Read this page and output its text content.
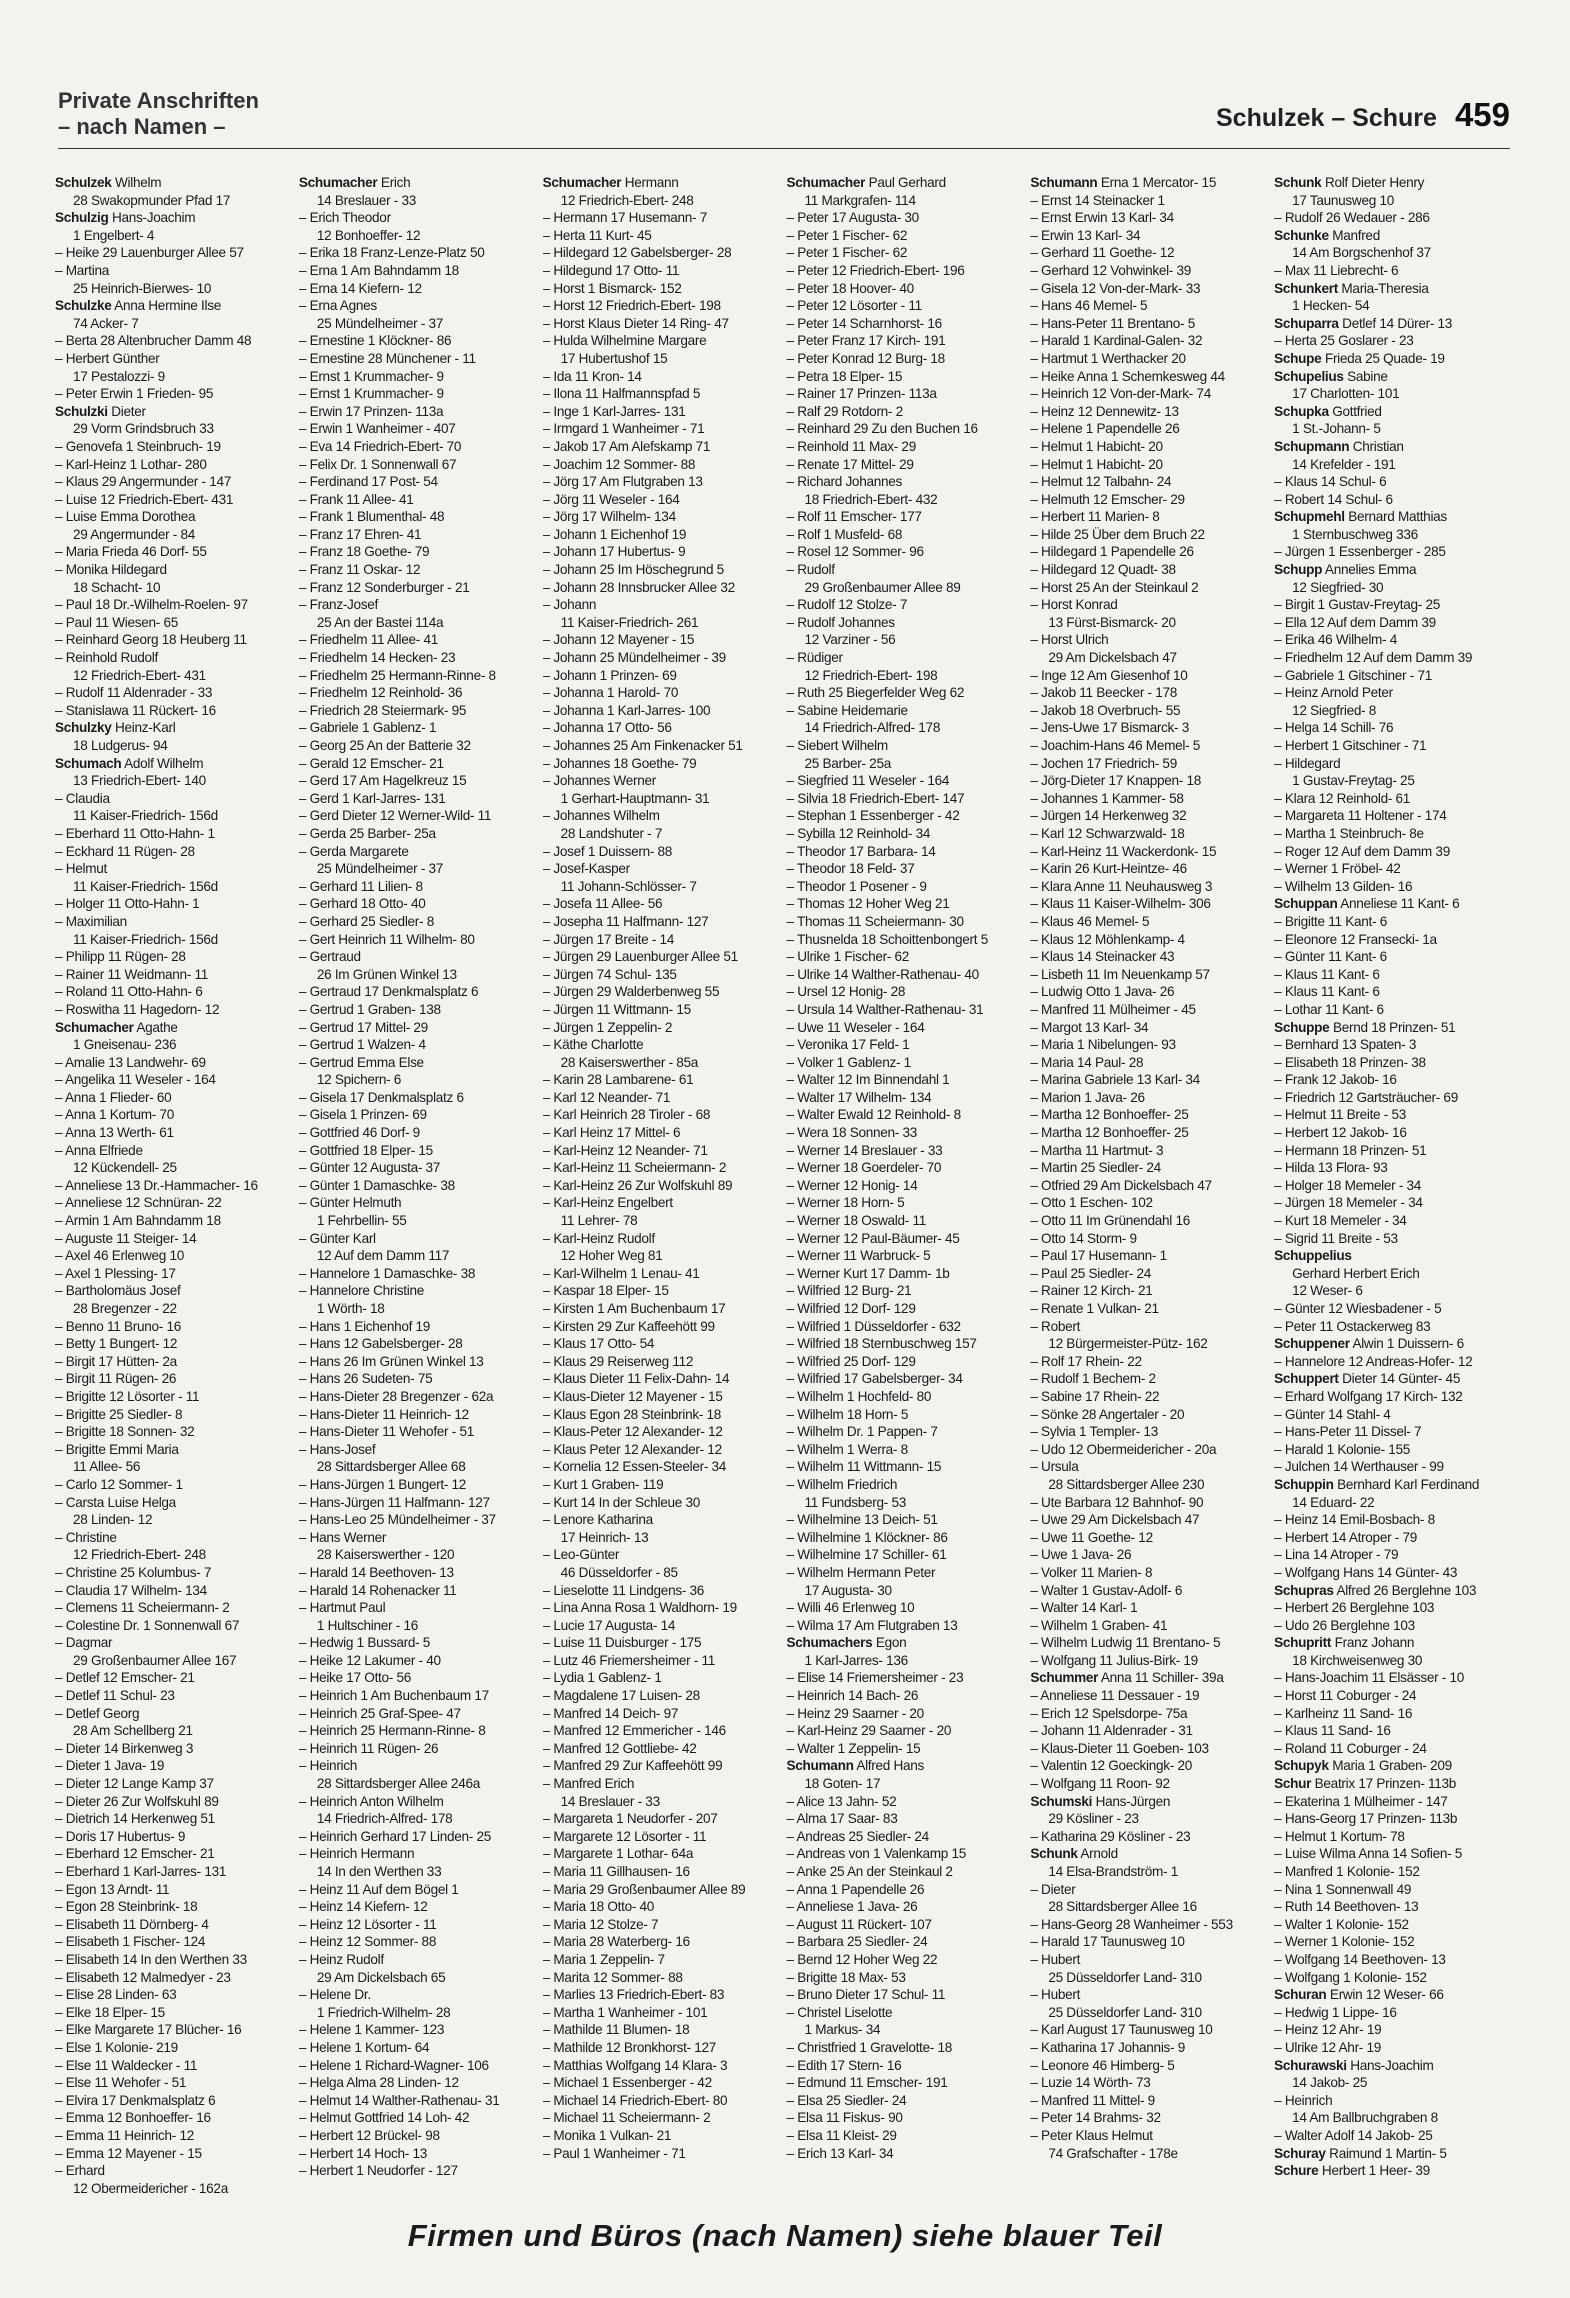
Private Anschriften
– nach Namen –	Schulzek – Schure 459
Schulzek Wilhelm
28 Swakopmunder Pfad 17
Schulzig Hans-Joachim
1 Engelbert- 4
– Heike 29 Lauenburger Allee 57
– Martina
25 Heinrich-Bierwes- 10
Schulzke Anna Hermine Ilse
74 Acker- 7
– Berta 28 Altenbrucher Damm 48
– Herbert Günther
17 Pestalozzi- 9
– Peter Erwin 1 Frieden- 95
Schulzki Dieter
29 Vorm Grindsbruch 33
– Genovefa 1 Steinbruch- 19
– Karl-Heinz 1 Lothar- 280
– Klaus 29 Angermunder - 147
– Luise 12 Friedrich-Ebert- 431
– Luise Emma Dorothea
29 Angermunder - 84
– Maria Frieda 46 Dorf- 55
– Monika Hildegard
18 Schacht- 10
– Paul 18 Dr.-Wilhelm-Roelen- 97
– Paul 11 Wiesen- 65
– Reinhard Georg 18 Heuberg 11
– Reinhold Rudolf
12 Friedrich-Ebert- 431
– Rudolf 11 Aldenrader - 33
– Stanislawa 11 Rückert- 16
Schulzky Heinz-Karl
18 Ludgerus- 94
Schumach Adolf Wilhelm
13 Friedrich-Ebert- 140
– Claudia
11 Kaiser-Friedrich- 156d
– Eberhard 11 Otto-Hahn- 1
– Eckhard 11 Rügen- 28
– Helmut
11 Kaiser-Friedrich- 156d
– Holger 11 Otto-Hahn- 1
– Maximilian
11 Kaiser-Friedrich- 156d
– Philipp 11 Rügen- 28
– Rainer 11 Weidmann- 11
– Roland 11 Otto-Hahn- 6
– Roswitha 11 Hagedorn- 12
Schumacher Agathe
1 Gneisenau- 236
– Amalie 13 Landwehr- 69
– Angelika 11 Weseler - 164
– Anna 1 Flieder- 60
– Anna 1 Kortum- 70
– Anna 13 Werth- 61
– Anna Elfriede
12 Kückendell- 25
– Anneliese 13 Dr.-Hammacher- 16
– Anneliese 12 Schnüran- 22
– Armin 1 Am Bahndamm 18
– Auguste 11 Steiger- 14
– Axel 46 Erlenweg 10
– Axel 1 Plessing- 17
– Bartholomäus Josef
28 Bregenzer - 22
– Benno 11 Bruno- 16
– Betty 1 Bungert- 12
– Birgit 17 Hütten- 2a
– Birgit 11 Rügen- 26
– Brigitte 12 Lösorter - 11
– Brigitte 25 Siedler- 8
– Brigitte 18 Sonnen- 32
– Brigitte Emmi Maria
11 Allee- 56
– Carlo 12 Sommer- 1
– Carsta Luise Helga
28 Linden- 12
– Christine
12 Friedrich-Ebert- 248
– Christine 25 Kolumbus- 7
– Claudia 17 Wilhelm- 134
– Clemens 11 Scheiermann- 2
– Colestine Dr. 1 Sonnenwall 67
– Dagmar
29 Großenbaumer Allee 167
– Detlef 12 Emscher- 21
– Detlef 11 Schul- 23
– Detlef Georg
28 Am Schellberg 21
– Dieter 14 Birkenweg 3
– Dieter 1 Java- 19
– Dieter 12 Lange Kamp 37
– Dieter 26 Zur Wolfskuhl 89
– Dietrich 14 Herkenweg 51
– Doris 17 Hubertus- 9
– Eberhard 12 Emscher- 21
– Eberhard 1 Karl-Jarres- 131
– Egon 13 Arndt- 11
– Egon 28 Steinbrink- 18
– Elisabeth 11 Dörnberg- 4
– Elisabeth 1 Fischer- 124
– Elisabeth 14 In den Werthen 33
– Elisabeth 12 Malmedyer - 23
– Elise 28 Linden- 63
– Elke 18 Elper- 15
– Elke Margarete 17 Blücher- 16
– Else 1 Kolonie- 219
– Else 11 Waldecker - 11
– Else 11 Wehofer - 51
– Elvira 17 Denkmalsplatz 6
– Emma 12 Bonhoeffer- 16
– Emma 11 Heinrich- 12
– Emma 12 Mayener - 15
– Erhard
12 Obermeidericher - 162a
Schumacher Erich
14 Breslauer - 33
– Erich Theodor
12 Bonhoeffer- 12
– Erika 18 Franz-Lenze-Platz 50
– Erna 1 Am Bahndamm 18
– Erna 14 Kiefern- 12
– Erna Agnes
25 Mündelheimer - 37
– Ernestine 1 Klöckner- 86
– Ernestine 28 Münchener - 11
– Ernst 1 Krummacher- 9
– Ernst 1 Krummacher- 9
– Erwin 17 Prinzen- 113a
– Erwin 1 Wanheimer - 407
– Eva 14 Friedrich-Ebert- 70
– Felix Dr. 1 Sonnenwall 67
– Ferdinand 17 Post- 54
– Frank 11 Allee- 41
– Frank 1 Blumenthal- 48
– Franz 17 Ehren- 41
– Franz 18 Goethe- 79
– Franz 11 Oskar- 12
– Franz 12 Sonderburger - 21
– Franz-Josef
25 An der Bastei 114a
– Friedhelm 11 Allee- 41
– Friedhelm 14 Hecken- 23
– Friedhelm 25 Hermann-Rinne- 8
– Friedhelm 12 Reinhold- 36
– Friedrich 28 Steiermark- 95
– Gabriele 1 Gablenz- 1
– Georg 25 An der Batterie 32
– Gerald 12 Emscher- 21
– Gerd 17 Am Hagelkreuz 15
– Gerd 1 Karl-Jarres- 131
– Gerd Dieter 12 Werner-Wild- 11
– Gerda 25 Barber- 25a
– Gerda Margarete
25 Mündelheimer - 37
– Gerhard 11 Lilien- 8
– Gerhard 18 Otto- 40
– Gerhard 25 Siedler- 8
– Gert Heinrich 11 Wilhelm- 80
– Gertraud
26 Im Grünen Winkel 13
– Gertraud 17 Denkmalsplatz 6
– Gertrud 1 Graben- 138
– Gertrud 17 Mittel- 29
– Gertrud 1 Walzen- 4
– Gertrud Emma Else
12 Spichern- 6
– Gisela 17 Denkmalsplatz 6
– Gisela 1 Prinzen- 69
– Gottfried 46 Dorf- 9
– Gottfried 18 Elper- 15
– Günter 12 Augusta- 37
– Günter 1 Damaschke- 38
– Günter Helmuth
1 Fehrbellin- 55
– Günter Karl
12 Auf dem Damm 117
– Hannelore 1 Damaschke- 38
– Hannelore Christine
1 Wörth- 18
– Hans 1 Eichenhof 19
– Hans 12 Gabelsberger- 28
– Hans 26 Im Grünen Winkel 13
– Hans 26 Sudeten- 75
– Hans-Dieter 28 Bregenzer - 62a
– Hans-Dieter 11 Heinrich- 12
– Hans-Dieter 11 Wehofer - 51
– Hans-Josef
28 Sittardsberger Allee 68
– Hans-Jürgen 1 Bungert- 12
– Hans-Jürgen 11 Halfmann- 127
– Hans-Leo 25 Mündelheimer - 37
– Hans Werner
28 Kaiserswerther - 120
– Harald 14 Beethoven- 13
– Harald 14 Rohenacker 11
– Hartmut Paul
1 Hultschiner - 16
– Hedwig 1 Bussard- 5
– Heike 12 Lakumer - 40
– Heike 17 Otto- 56
– Heinrich 1 Am Buchenbaum 17
– Heinrich 25 Graf-Spee- 47
– Heinrich 25 Hermann-Rinne- 8
– Heinrich 11 Rügen- 26
– Heinrich
28 Sittardsberger Allee 246a
– Heinrich Anton Wilhelm
14 Friedrich-Alfred- 178
– Heinrich Gerhard 17 Linden- 25
– Heinrich Hermann
14 In den Werthen 33
– Heinz 11 Auf dem Bögel 1
– Heinz 14 Kiefern- 12
– Heinz 12 Lösorter - 11
– Heinz 12 Sommer- 88
– Heinz Rudolf
29 Am Dickelsbach 65
– Helene Dr.
1 Friedrich-Wilhelm- 28
– Helene 1 Kammer- 123
– Helene 1 Kortum- 64
– Helene 1 Richard-Wagner- 106
– Helga Alma 28 Linden- 12
– Helmut 14 Walther-Rathenau- 31
– Helmut Gottfried 14 Loh- 42
– Herbert 12 Brückel- 98
– Herbert 14 Hoch- 13
– Herbert 1 Neudorfer - 127
Schumacher Hermann
12 Friedrich-Ebert- 248
– Hermann 17 Husemann- 7
– Herta 11 Kurt- 45
– Hildegard 12 Gabelsberger- 28
– Hildegund 17 Otto- 11
– Horst 1 Bismarck- 152
– Horst 12 Friedrich-Ebert- 198
– Horst Klaus Dieter 14 Ring- 47
– Hulda Wilhelmine Margare
17 Hubertushof 15
– Ida 11 Kron- 14
– Ilona 11 Halfmannspfad 5
– Inge 1 Karl-Jarres- 131
– Irmgard 1 Wanheimer - 71
– Jakob 17 Am Alefskamp 71
– Joachim 12 Sommer- 88
– Jörg 17 Am Flutgraben 13
– Jörg 11 Weseler - 164
– Jörg 17 Wilhelm- 134
– Johann 1 Eichenhof 19
– Johann 17 Hubertus- 9
– Johann 25 Im Höschegrund 5
– Johann 28 Innsbrucker Allee 32
– Johann
11 Kaiser-Friedrich- 261
– Johann 12 Mayener - 15
– Johann 25 Mündelheimer - 39
– Johann 1 Prinzen- 69
– Johanna 1 Harold- 70
– Johanna 1 Karl-Jarres- 100
– Johanna 17 Otto- 56
– Johannes 25 Am Finkenacker 51
– Johannes 18 Goethe- 79
– Johannes Werner
1 Gerhart-Hauptmann- 31
– Johannes Wilhelm
28 Landshuter - 7
– Josef 1 Duissern- 88
– Josef-Kasper
11 Johann-Schlösser- 7
– Josefa 11 Allee- 56
– Josepha 11 Halfmann- 127
– Jürgen 17 Breite - 14
– Jürgen 29 Lauenburger Allee 51
– Jürgen 74 Schul- 135
– Jürgen 29 Walderbenweg 55
– Jürgen 11 Wittmann- 15
– Jürgen 1 Zeppelin- 2
– Käthe Charlotte
28 Kaiserswerther - 85a
– Karin 28 Lambarene- 61
– Karl 12 Neander- 71
– Karl Heinrich 28 Tiroler - 68
– Karl Heinz 17 Mittel- 6
– Karl-Heinz 12 Neander- 71
– Karl-Heinz 11 Scheiermann- 2
– Karl-Heinz 26 Zur Wolfskuhl 89
– Karl-Heinz Engelbert
11 Lehrer- 78
– Karl-Heinz Rudolf
12 Hoher Weg 81
– Karl-Wilhelm 1 Lenau- 41
– Kaspar 18 Elper- 15
– Kirsten 1 Am Buchenbaum 17
– Kirsten 29 Zur Kaffeehött 99
– Klaus 17 Otto- 54
– Klaus 29 Reiserweg 112
– Klaus Dieter 11 Felix-Dahn- 14
– Klaus-Dieter 12 Mayener - 15
– Klaus Egon 28 Steinbrink- 18
– Klaus-Peter 12 Alexander- 12
– Klaus Peter 12 Alexander- 12
– Kornelia 12 Essen-Steeler- 34
– Kurt 1 Graben- 119
– Kurt 14 In der Schleue 30
– Lenore Katharina
17 Heinrich- 13
– Leo-Günter
46 Düsseldorfer - 85
– Lieselotte 11 Lindgens- 36
– Lina Anna Rosa 1 Waldhorn- 19
– Lucie 17 Augusta- 14
– Luise 11 Duisburger - 175
– Lutz 46 Friemersheimer - 11
– Lydia 1 Gablenz- 1
– Magdalene 17 Luisen- 28
– Manfred 14 Deich- 97
– Manfred 12 Emmericher - 146
– Manfred 12 Gottliebe- 42
– Manfred 29 Zur Kaffeehött 99
– Manfred Erich
14 Breslauer - 33
– Margareta 1 Neudorfer - 207
– Margarete 12 Lösorter - 11
– Margarete 1 Lothar- 64a
– Maria 11 Gillhausen- 16
– Maria 29 Großenbaumer Allee 89
– Maria 18 Otto- 40
– Maria 12 Stolze- 7
– Maria 28 Waterberg- 16
– Maria 1 Zeppelin- 7
– Marita 12 Sommer- 88
– Marlies 13 Friedrich-Ebert- 83
– Martha 1 Wanheimer - 101
– Mathilde 11 Blumen- 18
– Mathilde 12 Bronkhorst- 127
– Matthias Wolfgang 14 Klara- 3
– Michael 1 Essenberger - 42
– Michael 14 Friedrich-Ebert- 80
– Michael 11 Scheiermann- 2
– Monika 1 Vulkan- 21
– Paul 1 Wanheimer - 71
Schumacher Paul Gerhard
11 Markgrafen- 114
– Peter 17 Augusta- 30
– Peter 1 Fischer- 62
– Peter 1 Fischer- 62
– Peter 12 Friedrich-Ebert- 196
– Peter 18 Hoover- 40
– Peter 12 Lösorter - 11
– Peter 14 Scharnhorst- 16
– Peter Franz 17 Kirch- 191
– Peter Konrad 12 Burg- 18
– Petra 18 Elper- 15
– Rainer 17 Prinzen- 113a
– Ralf 29 Rotdorn- 2
– Reinhard 29 Zu den Buchen 16
– Reinhold 11 Max- 29
– Renate 17 Mittel- 29
– Richard Johannes
18 Friedrich-Ebert- 432
– Rolf 11 Emscher- 177
– Rolf 1 Musfeld- 68
– Rosel 12 Sommer- 96
– Rudolf
29 Großenbaumer Allee 89
– Rudolf 12 Stolze- 7
– Rudolf Johannes
12 Varziner - 56
– Rüdiger
12 Friedrich-Ebert- 198
– Ruth 25 Biegerfelder Weg 62
– Sabine Heidemarie
14 Friedrich-Alfred- 178
– Siebert Wilhelm
25 Barber- 25a
– Siegfried 11 Weseler - 164
– Silvia 18 Friedrich-Ebert- 147
– Stephan 1 Essenberger - 42
– Sybilla 12 Reinhold- 34
– Theodor 17 Barbara- 14
– Theodor 18 Feld- 37
– Theodor 1 Posener - 9
– Thomas 12 Hoher Weg 21
– Thomas 11 Scheiermann- 30
– Thusnelda 18 Schoittenbongert 5
– Ulrike 1 Fischer- 62
– Ulrike 14 Walther-Rathenau- 40
– Ursel 12 Honig- 28
– Ursula 14 Walther-Rathenau- 31
– Uwe 11 Weseler - 164
– Veronika 17 Feld- 1
– Volker 1 Gablenz- 1
– Walter 12 Im Binnendahl 1
– Walter 17 Wilhelm- 134
– Walter Ewald 12 Reinhold- 8
– Wera 18 Sonnen- 33
– Werner 14 Breslauer - 33
– Werner 18 Goerdeler- 70
– Werner 12 Honig- 14
– Werner 18 Horn- 5
– Werner 18 Oswald- 11
– Werner 12 Paul-Bäumer- 45
– Werner 11 Warbruck- 5
– Werner Kurt 17 Damm- 1b
– Wilfried 12 Burg- 21
– Wilfried 12 Dorf- 129
– Wilfried 1 Düsseldorfer - 632
– Wilfried 18 Sternbuschweg 157
– Wilfried 25 Dorf- 129
– Wilfried 17 Gabelsberger- 34
– Wilhelm 1 Hochfeld- 80
– Wilhelm 18 Horn- 5
– Wilhelm Dr. 1 Pappen- 7
– Wilhelm 1 Werra- 8
– Wilhelm 11 Wittmann- 15
– Wilhelm Friedrich
11 Fundsberg- 53
– Wilhelmine 13 Deich- 51
– Wilhelmine 1 Klöckner- 86
– Wilhelmine 17 Schiller- 61
– Wilhelm Hermann Peter
17 Augusta- 30
– Willi 46 Erlenweg 10
– Wilma 17 Am Flutgraben 13
Schumachers Egon
1 Karl-Jarres- 136
– Elise 14 Friemersheimer - 23
– Heinrich 14 Bach- 26
– Heinz 29 Saarner - 20
– Karl-Heinz 29 Saarner - 20
– Walter 1 Zeppelin- 15
Schumann Alfred Hans
18 Goten- 17
– Alice 13 Jahn- 52
– Alma 17 Saar- 83
– Andreas 25 Siedler- 24
– Andreas von 1 Valenkamp 15
– Anke 25 An der Steinkaul 2
– Anna 1 Papendelle 26
– Anneliese 1 Java- 26
– August 11 Rückert- 107
– Barbara 25 Siedler- 24
– Bernd 12 Hoher Weg 22
– Brigitte 18 Max- 53
– Bruno Dieter 17 Schul- 11
– Christel Liselotte
1 Markus- 34
– Christfried 1 Gravelotte- 18
– Edith 17 Stern- 16
– Edmund 11 Emscher- 191
– Elsa 25 Siedler- 24
– Elsa 11 Fiskus- 90
– Elsa 11 Kleist- 29
– Erich 13 Karl- 34
Schumann Erna 1 Mercator- 15
– Ernst 14 Steinacker 1
– Ernst Erwin 13 Karl- 34
– Erwin 13 Karl- 34
– Gerhard 11 Goethe- 12
– Gerhard 12 Vohwinkel- 39
– Gisela 12 Von-der-Mark- 33
– Hans 46 Memel- 5
– Hans-Peter 11 Brentano- 5
– Harald 1 Kardinal-Galen- 32
– Hartmut 1 Werthacker 20
– Heike Anna 1 Schemkesweg 44
– Heinrich 12 Von-der-Mark- 74
– Heinz 12 Dennewitz- 13
– Helene 1 Papendelle 26
– Helmut 1 Habicht- 20
– Helmut 1 Habicht- 20
– Helmut 12 Talbahn- 24
– Helmuth 12 Emscher- 29
– Herbert 11 Marien- 8
– Hilde 25 Über dem Bruch 22
– Hildegard 1 Papendelle 26
– Hildegard 12 Quadt- 38
– Horst 25 An der Steinkaul 2
– Horst Konrad
13 Fürst-Bismarck- 20
– Horst Ulrich
29 Am Dickelsbach 47
– Inge 12 Am Giesenhof 10
– Jakob 11 Beecker - 178
– Jakob 18 Overbruch- 55
– Jens-Uwe 17 Bismarck- 3
– Joachim-Hans 46 Memel- 5
– Jochen 17 Friedrich- 59
– Jörg-Dieter 17 Knappen- 18
– Johannes 1 Kammer- 58
– Jürgen 14 Herkenweg 32
– Karl 12 Schwarzwald- 18
– Karl-Heinz 11 Wackerdonk- 15
– Karin 26 Kurt-Heintze- 46
– Klara Anne 11 Neuhausweg 3
– Klaus 11 Kaiser-Wilhelm- 306
– Klaus 46 Memel- 5
– Klaus 12 Möhlenkamp- 4
– Klaus 14 Steinacker 43
– Lisbeth 11 Im Neuenkamp 57
– Ludwig Otto 1 Java- 26
– Manfred 11 Mülheimer - 45
– Margot 13 Karl- 34
– Maria 1 Nibelungen- 93
– Maria 14 Paul- 28
– Marina Gabriele 13 Karl- 34
– Marion 1 Java- 26
– Martha 12 Bonhoeffer- 25
– Martha 12 Bonhoeffer- 25
– Martha 11 Hartmut- 3
– Martin 25 Siedler- 24
– Otfried 29 Am Dickelsbach 47
– Otto 1 Eschen- 102
– Otto 11 Im Grünendahl 16
– Otto 14 Storm- 9
– Paul 17 Husemann- 1
– Paul 25 Siedler- 24
– Rainer 12 Kirch- 21
– Renate 1 Vulkan- 21
– Robert
12 Bürgermeister-Pütz- 162
– Rolf 17 Rhein- 22
– Rudolf 1 Bechem- 2
– Sabine 17 Rhein- 22
– Sönke 28 Angertaler - 20
– Sylvia 1 Templer- 13
– Udo 12 Obermeidericher - 20a
– Ursula
28 Sittardsberger Allee 230
– Ute Barbara 12 Bahnhof- 90
– Uwe 29 Am Dickelsbach 47
– Uwe 11 Goethe- 12
– Uwe 1 Java- 26
– Volker 11 Marien- 8
– Walter 1 Gustav-Adolf- 6
– Walter 14 Karl- 1
– Wilhelm 1 Graben- 41
– Wilhelm Ludwig 11 Brentano- 5
– Wolfgang 11 Julius-Birk- 19
Schummer Anna 11 Schiller- 39a
– Anneliese 11 Dessauer - 19
– Erich 12 Spelsdorpe- 75a
– Johann 11 Aldenrader - 31
– Klaus-Dieter 11 Goeben- 103
– Valentin 12 Goeckingk- 20
– Wolfgang 11 Roon- 92
Schumski Hans-Jürgen
29 Kösliner - 23
– Katharina 29 Kösliner - 23
Schunk Arnold
14 Elsa-Brandström- 1
– Dieter
28 Sittardsberger Allee 16
– Hans-Georg 28 Wanheimer - 553
– Harald 17 Taunusweg 10
– Hubert
25 Düsseldorfer Land- 310
– Hubert
25 Düsseldorfer Land- 310
– Karl August 17 Taunusweg 10
– Katharina 17 Johannis- 9
– Leonore 46 Himberg- 5
– Luzie 14 Wörth- 73
– Manfred 11 Mittel- 9
– Peter 14 Brahms- 32
– Peter Klaus Helmut
74 Grafschafter - 178e
Schunk Rolf Dieter Henry
17 Taunusweg 10
– Rudolf 26 Wedauer - 286
Schunke Manfred
14 Am Borgschenhof 37
– Max 11 Liebrecht- 6
Schunkert Maria-Theresia
1 Hecken- 54
Schuparra Detlef 14 Dürer- 13
– Herta 25 Goslarer - 23
Schupe Frieda 25 Quade- 19
Schupelius Sabine
17 Charlotten- 101
Schupka Gottfried
1 St.-Johann- 5
Schupmann Christian
14 Krefelder - 191
– Klaus 14 Schul- 6
– Robert 14 Schul- 6
Schupmehl Bernard Matthias
1 Sternbuschweg 336
– Jürgen 1 Essenberger - 285
Schupp Annelies Emma
12 Siegfried- 30
– Birgit 1 Gustav-Freytag- 25
– Ella 12 Auf dem Damm 39
– Erika 46 Wilhelm- 4
– Friedhelm 12 Auf dem Damm 39
– Gabriele 1 Gitschiner - 71
– Heinz Arnold Peter
12 Siegfried- 8
– Helga 14 Schill- 76
– Herbert 1 Gitschiner - 71
– Hildegard
1 Gustav-Freytag- 25
– Klara 12 Reinhold- 61
– Margareta 11 Holtener - 174
– Martha 1 Steinbruch- 8e
– Roger 12 Auf dem Damm 39
– Werner 1 Fröbel- 42
– Wilhelm 13 Gilden- 16
Schuppan Anneliese 11 Kant- 6
– Brigitte 11 Kant- 6
– Eleonore 12 Fransecki- 1a
– Günter 11 Kant- 6
– Klaus 11 Kant- 6
– Klaus 11 Kant- 6
– Lothar 11 Kant- 6
Schuppe Bernd 18 Prinzen- 51
– Bernhard 13 Spaten- 3
– Elisabeth 18 Prinzen- 38
– Frank 12 Jakob- 16
– Friedrich 12 Gartsträucher- 69
– Helmut 11 Breite - 53
– Herbert 12 Jakob- 16
– Hermann 18 Prinzen- 51
– Hilda 13 Flora- 93
– Holger 18 Memeler - 34
– Jürgen 18 Memeler - 34
– Kurt 18 Memeler - 34
– Sigrid 11 Breite - 53
Schuppelius
Gerhard Herbert Erich
12 Weser- 6
– Günter 12 Wiesbadener - 5
– Peter 11 Ostackerweg 83
Schuppener Alwin 1 Duissern- 6
– Hannelore 12 Andreas-Hofer- 12
Schuppert Dieter 14 Günter- 45
– Erhard Wolfgang 17 Kirch- 132
– Günter 14 Stahl- 4
– Hans-Peter 11 Dissel- 7
– Harald 1 Kolonie- 155
– Julchen 14 Werthauser - 99
Schuppin Bernhard Karl Ferdinand
14 Eduard- 22
– Heinz 14 Emil-Bosbach- 8
– Herbert 14 Atroper - 79
– Lina 14 Atroper - 79
– Wolfgang Hans 14 Günter- 43
Schupras Alfred 26 Berglehne 103
– Herbert 26 Berglehne 103
– Udo 26 Berglehne 103
Schupritt Franz Johann
18 Kirchweisenweg 30
– Hans-Joachim 11 Elsässer - 10
– Horst 11 Coburger - 24
– Karlheinz 11 Sand- 16
– Klaus 11 Sand- 16
– Roland 11 Coburger - 24
Schupyk Maria 1 Graben- 209
Schur Beatrix 17 Prinzen- 113b
– Ekaterina 1 Mülheimer - 147
– Hans-Georg 17 Prinzen- 113b
– Helmut 1 Kortum- 78
– Luise Wilma Anna 14 Sofien- 5
– Manfred 1 Kolonie- 152
– Nina 1 Sonnenwall 49
– Ruth 14 Beethoven- 13
– Walter 1 Kolonie- 152
– Werner 1 Kolonie- 152
– Wolfgang 14 Beethoven- 13
– Wolfgang 1 Kolonie- 152
Schuran Erwin 12 Weser- 66
– Hedwig 1 Lippe- 16
– Heinz 12 Ahr- 19
– Ulrike 12 Ahr- 19
Schurawski Hans-Joachim
14 Jakob- 25
– Heinrich
14 Am Ballbruchgraben 8
– Walter Adolf 14 Jakob- 25
Schuray Raimund 1 Martin- 5
Schure Herbert 1 Heer- 39
Firmen und Büros (nach Namen) siehe blauer Teil
